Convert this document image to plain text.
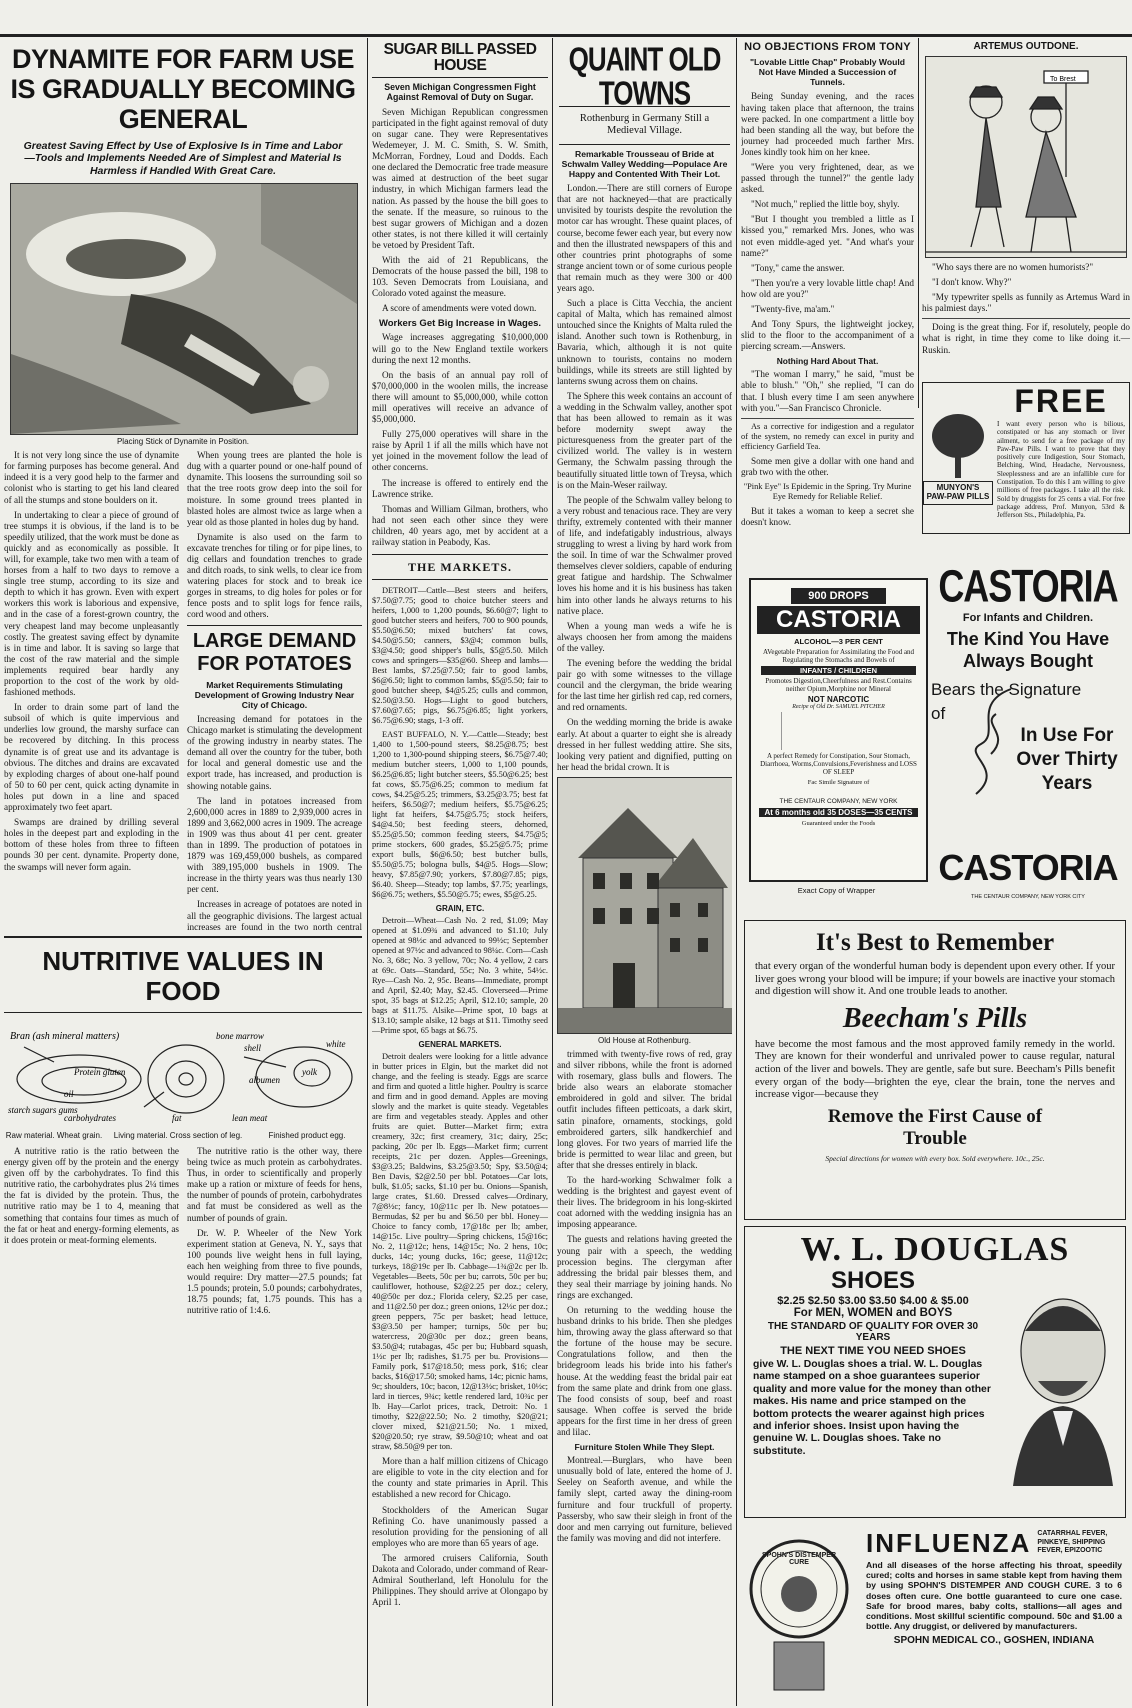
DYNAMITE FOR FARM USE IS GRADUALLY BECOMING GENERAL

Greatest Saving Effect by Use of Explosive Is in Time and Labor—Tools and Implements Needed Are of Simplest and Material Is Harmless if Handled With Great Care.

Placing Stick of Dynamite in Position.

It is not very long since the use of dynamite for farming purposes has become general. And indeed it is a very good help to the farmer and colonist who is starting to get his land cleared of all the stumps and stone boulders on it.

In undertaking to clear a piece of ground of tree stumps it is obvious, if the land is to be speedily utilized, that the work must be done as quickly and as economically as possible. It will, for example, take two men with a team of horses from a half to two days to remove a single tree stump, according to its size and depth to which it has grown. Even with expert workers this work is laborious and expensive, and in the case of a forest-grown country, the very cheapest land may become unpleasantly costly. The greatest saving effect by dynamite is in time and labor. It is saving so large that the cost of the raw material and the simple implements required bear hardly any proportion to the cost of the work by old-fashioned methods.

In order to drain some part of land the subsoil of which is quite impervious and underlies low ground, the marshy surface can be recovered by ditching. In this process dynamite is of great use and its advantage is obvious. The ditches and drains are excavated by exploding charges of about one-half pound of 50 to 60 per cent, quick acting dynamite in holes put down in a line and spaced approximately two feet apart.

Swamps are drained by drilling several holes in the deepest part and exploding in the bottom of these holes from three to fifteen pounds 30 per cent. dynamite. Property done, the swamps will never form again.

When young trees are planted the hole is dug with a quarter pound or one-half pound of dynamite. This loosens the surrounding soil so that the tree roots grow deep into the soil for moisture. In some ground trees planted in blasted holes are almost twice as large when a year old as those planted in holes dug by hand.

Dynamite is also used on the farm to excavate trenches for tiling or for pipe lines, to dig cellars and foundation trenches to grade and ditch roads, to sink wells, to clear ice from watering places for stock and to break ice gorges in streams, to dig holes for poles or for fence posts and to split logs for fence rails, cord wood and others.

LARGE DEMAND FOR POTATOES

Market Requirements Stimulating Development of Growing Industry Near City of Chicago.

Increasing demand for potatoes in the Chicago market is stimulating the development of the growing industry in nearby states. The demand all over the country for the tuber, both for local and general domestic use and the export trade, has increased, and production is showing notable gains.

The land in potatoes increased from 2,600,000 acres in 1889 to 2,939,000 acres in 1899 and 3,662,000 acres in 1909. The acreage in 1909 was thus about 41 per cent. greater than in 1899. The production of potatoes in 1879 was 169,459,000 bushels, as compared with 389,195,000 bushels in 1909. The increase in the thirty years was thus nearly 130 per cent.

Increases in acreage of potatoes are noted in all the geographic divisions. The largest actual increases are found in the two north central

NUTRITIVE VALUES IN FOOD
Bran (ash mineral matters)
starch sugars gums
Protein gluten
oil
carbohydrates	fat
bone marrow
shell
albumen
yolk
white
lean meat
Raw material. Wheat grain. Living material. Cross section of leg.	Finished product egg.

A nutritive ratio is the ratio between the energy given off by the protein and the energy given off by the carbohydrates. To find this nutritive ratio, the carbohydrates plus 2¼ times the fat is divided by the protein. Thus, the nutritive ratio may be 1 to 4, meaning that something that contains four times as much of the fat or heat and energy-forming elements, as it does protein or meat-forming elements.

The nutritive ratio is the other way, there being twice as much protein as carbohydrates. Thus, in order to scientifically and properly make up a ration or mixture of feeds for hens, the number of pounds of protein, carbohydrates and fat must be considered as well as the number of pounds of grain.

Dr. W. P. Wheeler of the New York experiment station at Geneva, N. Y., says that 100 pounds live weight hens in full laying, each hen weighing from three to five pounds, would require: Dry matter—27.5 pounds; fat 1.5 pounds; protein, 5.0 pounds; carbohydrates, 18.75 pounds; fat, 1.75 pounds. This has a nutritive ratio of 1:4.6.

SUGAR BILL PASSED HOUSE

Seven Michigan Congressmen Fight Against Removal of Duty on Sugar.

Seven Michigan Republican congressmen participated in the fight against removal of duty on sugar cane. They were Representatives Wedemeyer, J. M. C. Smith, S. W. Smith, McMorran, Fordney, Loud and Dodds. Each one declared the Democratic free trade measure was aimed at destruction of the beet sugar industry, in which Michigan farmers lead the nation. As passed by the house the bill goes to the senate. If the measure, so ruinous to the best sugar growers of Michigan and a dozen other states, is not there killed it will certainly be vetoed by President Taft.

With the aid of 21 Republicans, the Democrats of the house passed the bill, 198 to 103. Seven Democrats from Louisiana, and Colorado voted against the measure.

A score of amendments were voted down.

Workers Get Big Increase in Wages.

Wage increases aggregating $10,000,000 will go to the New England textile workers during the next 12 months.

On the basis of an annual pay roll of $70,000,000 in the woolen mills, the increase there will amount to $5,000,000, while cotton mill operatives will receive an advance of $5,000,000.

Fully 275,000 operatives will share in the raise by April 1 if all the mills which have not yet joined in the movement follow the lead of other concerns.

The increase is offered to entirely end the Lawrence strike.

Thomas and William Gilman, brothers, who had not seen each other since they were children, 40 years ago, met by accident at a railway station in Peabody, Kas.

THE MARKETS.

DETROIT—Cattle—Best steers and heifers, $7.50@7.75; good to choice butcher steers and heifers, 1,000 to 1,200 pounds, $6.60@7; light to good butcher steers and heifers, 700 to 900 pounds, $5.50@6.50; mixed butchers' fat cows, $4.50@5.50; canners, $3@4; common bulls, $3@4.50; good shipper's bulls, $5@5.50. Milch cows and springers—$35@60. Sheep and lambs—Best lambs, $7.25@7.50; fair to good lambs, $6@6.50; light to common lambs, $5@5.50; fair to good butcher sheep, $4@5.25; culls and common, $2.50@3.50. Hogs—Light to good butchers, $7.60@7.65; pigs, $6.75@6.85; light yorkers, $6.75@6.90; stags, 1-3 off.

EAST BUFFALO, N. Y.—Cattle—Steady; best 1,400 to 1,500-pound steers, $8.25@8.75; best 1,200 to 1,300-pound shipping steers, $6.75@7.40; medium butcher steers, 1,000 to 1,100 pounds, $6.25@6.85; light butcher steers, $5.50@6.25; best fat cows, $5.75@6.25; common to medium fat cows, $4.25@5.25; trimmers, $3.25@3.75; best fat heifers, $6.50@7; medium heifers, $5.75@6.25; light fat heifers, $4.75@5.75; stock heifers, $4@4.50; best feeding steers, dehorned, $5.25@5.50; common feeding steers, $4.75@5; prime stockers, 600 grades, $5.25@5.75; prime export bulls, $6@6.50; best butcher bulls, $5.50@5.75; bologna bulls, $4@5. Hogs—Slow; heavy, $7.85@7.90; yorkers, $7.80@7.85; pigs, $6.40. Sheep—Steady; top lambs, $7.75; yearlings, $6@6.75; wethers, $5.50@5.75; ewes, $5@5.25.

GRAIN, ETC.

Detroit—Wheat—Cash No. 2 red, $1.09; May opened at $1.09¾ and advanced to $1.10; July opened at 98½c and advanced to 99½c; September opened at 97½c and advanced to 98¼c. Corn—Cash No. 3, 68c; No. 3 yellow, 70c; No. 4 yellow, 2 cars at 69c. Oats—Standard, 55c; No. 3 white, 54½c. Rye—Cash No. 2, 95c. Beans—Immediate, prompt and April, $2.40; May, $2.45. Cloverseed—Prime spot, 35 bags at $12.25; April, $12.10; sample, 20 bags at $11.75. Alsike—Prime spot, 10 bags at $13.10; sample alsike, 12 bags at $11. Timothy seed—Prime spot, 65 bags at $6.75.

GENERAL MARKETS.

Detroit dealers were looking for a little advance in butter prices in Elgin, but the market did not change, and the feeling is steady. Eggs are scarce and firm and quoted a little higher. Poultry is scarce and firm and in good demand. Apples are moving slowly and the market is quite steady. Vegetables are firm and vegetables steady. Apples and other fruits are quiet. Butter—Market firm; extra creamery, 32c; first creamery, 31c; dairy, 25c; packing, 20c per lb. Eggs—Market firm; current receipts, 21c per dozen. Apples—Greenings, $3@3.25; Baldwins, $3.25@3.50; Spy, $3.50@4; Ben Davis, $2@2.50 per bbl. Potatoes—Car lots, bulk, $1.05; sacks, $1.10 per bu. Onions—Spanish, large crates, $1.60. Dressed calves—Ordinary, 7@8½c; fancy, 10@11c per lb. New potatoes—Bermudas, $2 per bu and $6.50 per bbl. Honey—Choice to fancy comb, 17@18c per lb; amber, 14@15c. Live poultry—Spring chickens, 15@16c; No. 2, 11@12c; hens, 14@15c; No. 2 hens, 10c; ducks, 14c; young ducks, 16c; geese, 11@12c; turkeys, 18@19c per lb. Cabbage—1¾@2c per lb. Vegetables—Beets, 50c per bu; carrots, 50c per bu; cauliflower, hothouse, $2@2.25 per doz.; celery, 40@50c per doz.; Florida celery, $2.25 per case, and 11@2.50 per doz.; green onions, 12½c per doz.; green peppers, 75c per basket; head lettuce, $3@3.50 per hamper; turnips, 50c per bu; watercress, 20@30c per doz.; green beans, $3.50@4; rutabagas, 45c per bu; Hubbard squash, 1½c per lb; radishes, $1.75 per bu. Provisions—Family pork, $17@18.50; mess pork, $16; clear backs, $16@17.50; smoked hams, 14c; picnic hams, 9c; shoulders, 10c; bacon, 12@13½c; brisket, 10½c; lard in tierces, 9¾c; kettle rendered lard, 10¾c per lb. Hay—Carlot prices, track, Detroit: No. 1 timothy, $22@22.50; No. 2 timothy, $20@21; clover mixed, $21@21.50; No. 1 mixed, $20@20.50; rye straw, $9.50@10; wheat and oat straw, $8.50@9 per ton.

More than a half million citizens of Chicago are eligible to vote in the city election and for the county and state primaries in April. This established a new record for Chicago.

Stockholders of the American Sugar Refining Co. have unanimously passed a resolution providing for the pensioning of all employes who are more than 65 years of age.

The armored cruisers California, South Dakota and Colorado, under command of Rear-Admiral Southerland, left Honolulu for the Philippines. They should arrive at Olongapo by April 1.

QUAINT OLD TOWNS

Rothenburg in Germany Still a Medieval Village.

Remarkable Trousseau of Bride at Schwalm Valley Wedding—Populace Are Happy and Contented With Their Lot.

London.—There are still corners of Europe that are not hackneyed—that are practically unvisited by tourists despite the revolution the motor car has wrought. These quaint places, of course, become fewer each year, but every now and then the illustrated newspapers of this and other countries print photographs of some strange ancient town or of some curious people that remain much as they were 300 or 400 years ago.

Such a place is Citta Vecchia, the ancient capital of Malta, which has remained almost untouched since the Knights of Malta ruled the island. Another such town is Rothenburg, in Bavaria, which, although it is not quite unknown to tourists, contains no modern buildings, while its streets are still lighted by lanterns swung across them on chains.

The Sphere this week contains an account of a wedding in the Schwalm valley, another spot that has been allowed to remain as it was before modernity swept away the picturesqueness from the greater part of the civilized world. The valley is in western Germany, the Schwalm passing through the beautifully situated little town of Treysa, which is on the Main-Weser railway.

The people of the Schwalm valley belong to a very robust and tenacious race. They are very thrifty, extremely contented with their manner of life, and indefatigably industrious, always struggling to wrest a living by hard work from the soil. In time of war the Schwalmer proved themselves clever soldiers, capable of enduring great fatigue and hardship. The Schwalmer loves his home and it is his business has taken him into other lands he always returns to his native place.

When a young man weds a wife he is always choosen her from among the maidens of the valley.

The evening before the wedding the bridal pair go with some witnesses to the village council and the clergyman, the bride wearing for the last time her girlish red cap, red corners, and red ornaments.

On the wedding morning the bride is awake early. At about a quarter to eight she is already dressed in her fullest wedding attire. She sits, looking very patient and dignified, putting on her head the bridal crown. It is

Old House at Rothenburg.

trimmed with twenty-five rows of red, gray and silver ribbons, while the front is adorned with rosemary, glass bulls and flowers. The bride also wears an elaborate stomacher embroidered in gold and silver. The bridal outfit includes fifteen petticoats, a dark skirt, satin pinafore, ornaments, stockings, gold embroidered garters, silk handkerchief and long gloves. For two years of married life the bride is permitted to wear lilac and green, but after that she dresses entirely in black.

To the hard-working Schwalmer folk a wedding is the brightest and gayest event of their lives. The bridegroom in his long-skirted coat adorned with the wedding insignia has an imposing appearance.

The guests and relations having greeted the young pair with a speech, the wedding procession begins. The clergyman after addressing the bridal pair blesses them, and they seal their marriage by joining hands. No rings are exchanged.

On returning to the wedding house the husband drinks to his bride. Then she pledges him, throwing away the glass afterward so that the fortune of the house may be secure. Congratulations follow, and then the bridegroom leads his bride into his father's house. At the wedding feast the bridal pair eat from the same plate and drink from one glass. The food consists of soup, beef and roast sausage. When coffee is served the bride appears for the first time in her dress of green and lilac.

Furniture Stolen While They Slept.

Montreal.—Burglars, who have been unusually bold of late, entered the home of J. Seeley on Seaforth avenue, and while the family slept, carted away the dining-room furniture and four truckfull of property. Passersby, who saw their sleigh in front of the door and men carrying out furniture, believed the family was moving and did not interfere.

NO OBJECTIONS FROM TONY

"Lovable Little Chap" Probably Would Not Have Minded a Succession of Tunnels.

Being Sunday evening, and the races having taken place that afternoon, the trains were packed. In one compartment a little boy had been standing all the way, but before the journey had proceeded much farther Mrs. Jones kindly took him on her knee.

"Were you very frightened, dear, as we passed through the tunnel?" the gentle lady asked.

"Not much," replied the little boy, shyly.

"But I thought you trembled a little as I kissed you," remarked Mrs. Jones, who was not even middle-aged yet. "And what's your name?"

"Tony," came the answer.

"Then you're a very lovable little chap! And how old are you?"

"Twenty-five, ma'am."

And Tony Spurs, the lightweight jockey, slid to the floor to the accompaniment of a piercing scream.—Answers.

Nothing Hard About That.

"The woman I marry," he said, "must be able to blush." "Oh," she replied, "I can do that. I blush every time I am seen anywhere with you."—San Francisco Chronicle.

As a corrective for indigestion and a regulator of the system, no remedy can excel in purity and efficiency Garfield Tea.

Some men give a dollar with one hand and grab two with the other.

"Pink Eye" Is Epidemic in the Spring. Try Murine Eye Remedy for Reliable Relief.

But it takes a woman to keep a secret she doesn't know.

ARTEMUS OUTDONE.

To Brest

"Who says there are no women humorists?"

"I don't know. Why?"

"My typewriter spells as funnily as Artemus Ward in his palmiest days."

Doing is the great thing. For if, resolutely, people do what is right, in time they come to like doing it.—Ruskin.

MUNYON'S PAW-PAW PILLS
FREE

I want every person who is bilious, constipated or has any stomach or liver ailment, to send for a free package of my Paw-Paw Pills. I want to prove that they positively cure Indigestion, Sour Stomach, Belching, Wind, Headache, Nervousness, Sleeplessness and are an infallible cure for Constipation. To do this I am willing to give millions of free packages. I take all the risk. Sold by druggists for 25 cents a vial. For free package address, Prof. Munyon, 53rd & Jefferson Sts., Philadelphia, Pa.

900 DROPS
CASTORIA
ALCOHOL—3 PER CENT
AVegetable Preparation for Assimilating the Food and Regulating the Stomachs and Bowels of
INFANTS / CHILDREN
Promotes Digestion,Cheerfulness and Rest.Contains neither Opium,Morphine nor Mineral
NOT NARCOTIC
Recipe of Old Dr. SAMUEL PITCHER
A perfect Remedy for Constipation, Sour Stomach, Diarrhoea, Worms,Convulsions,Feverishness and LOSS OF SLEEP
Fac Simile Signature of
THE CENTAUR COMPANY, NEW YORK
At 6 months old 35 DOSES—35 CENTS
Guaranteed under the Foods
Exact Copy of Wrapper
CASTORIA
For Infants and Children.
The Kind You Have Always Bought
Bears the Signature of
In Use For Over Thirty Years
CASTORIA
THE CENTAUR COMPANY, NEW YORK CITY
It's Best to Remember

that every organ of the wonderful human body is dependent upon every other. If your liver goes wrong your blood will be impure; if your bowels are inactive your stomach and digestion will show it. And one trouble leads to another.

Beecham's Pills

have become the most famous and the most approved family remedy in the world. They are known for their wonderful and unrivaled power to cause regular, natural action of the liver and bowels. They are gentle, safe but sure. Beecham's Pills benefit every organ of the body—brighten the eye, clear the brain, tone the nerves and increase vigor—because they

Remove the First Cause of Trouble
Special directions for women with every box. Sold everywhere. 10c., 25c.
W. L. DOUGLAS
SHOES
$2.25 $2.50 $3.00 $3.50 $4.00 & $5.00
For MEN, WOMEN and BOYS
THE STANDARD OF QUALITY FOR OVER 30 YEARS
THE NEXT TIME YOU NEED SHOES

give W. L. Douglas shoes a trial. W. L. Douglas name stamped on a shoe guarantees superior quality and more value for the money than other makes. His name and price stamped on the bottom protects the wearer against high prices and inferior shoes. Insist upon having the genuine W. L. Douglas shoes. Take no substitute.

SPOHN'S DISTEMPER CURE
INFLUENZA CATARRHAL FEVER, PINKEYE, SHIPPING FEVER, EPIZOOTIC

And all diseases of the horse affecting his throat, speedily cured; colts and horses in same stable kept from having them by using SPOHN'S DISTEMPER AND COUGH CURE. 3 to 6 doses often cure. One bottle guaranteed to cure one case. Safe for brood mares, baby colts, stallions—all ages and conditions. Most skillful scientific compound. 50c and $1.00 a bottle. Any druggist, or delivered by manufacturers.

SPOHN MEDICAL CO., GOSHEN, INDIANA
